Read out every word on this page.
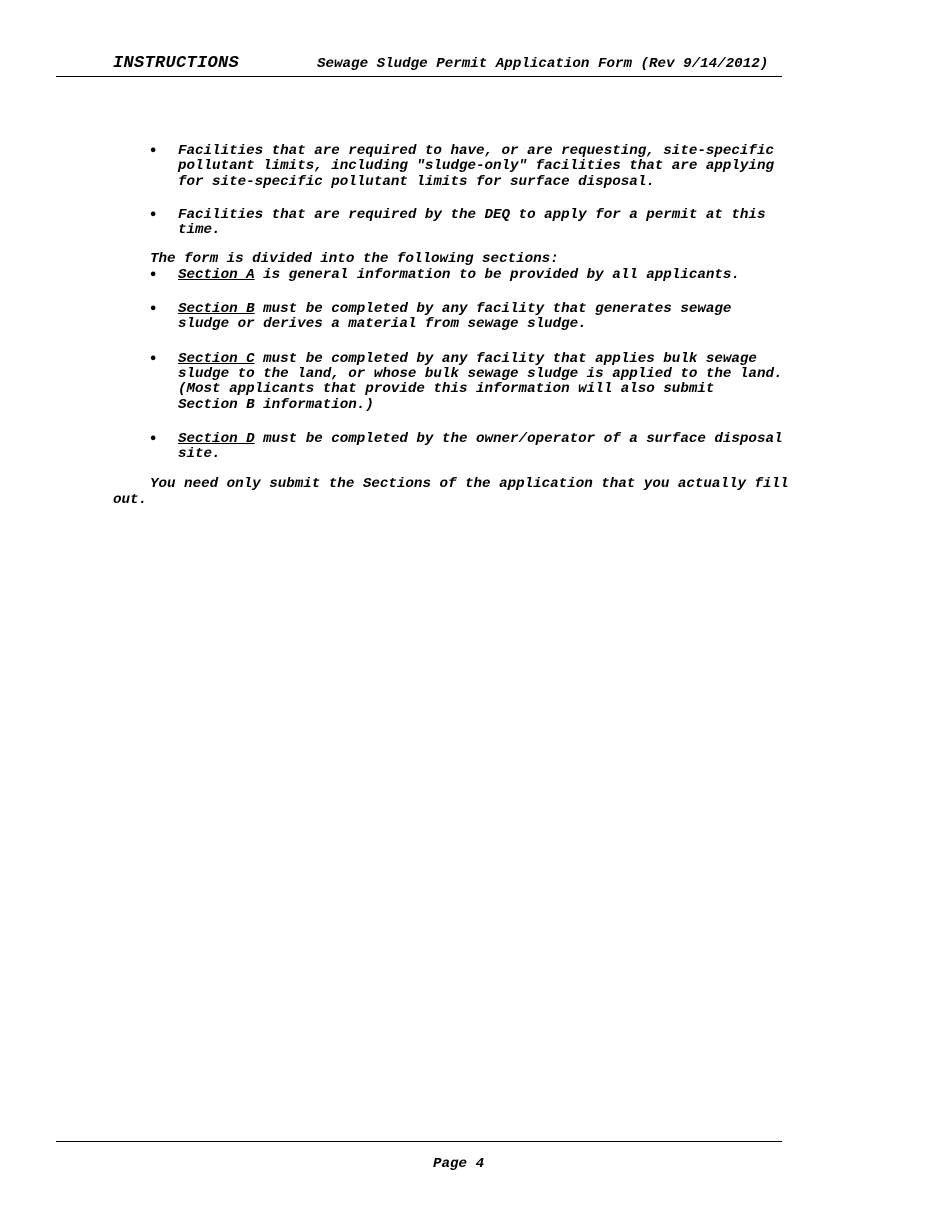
INSTRUCTIONS	Sewage Sludge Permit Application Form (Rev 9/14/2012)
• Facilities that are required to have, or are requesting, site-specific
pollutant limits, including "sludge-only" facilities that are applying
for site-specific pollutant limits for surface disposal.
• Facilities that are required by the DEQ to apply for a permit at this
time.
The form is divided into the following sections:
• Section A is general information to be provided by all applicants.
• Section B must be completed by any facility that generates sewage
sludge or derives a material from sewage sludge.
• Section C must be completed by any facility that applies bulk sewage
sludge to the land, or whose bulk sewage sludge is applied to the land.
(Most applicants that provide this information will also submit
Section B information.)
• Section D must be completed by the owner/operator of a surface disposal
site.
You need only submit the Sections of the application that you actually fill out.
Page 4
